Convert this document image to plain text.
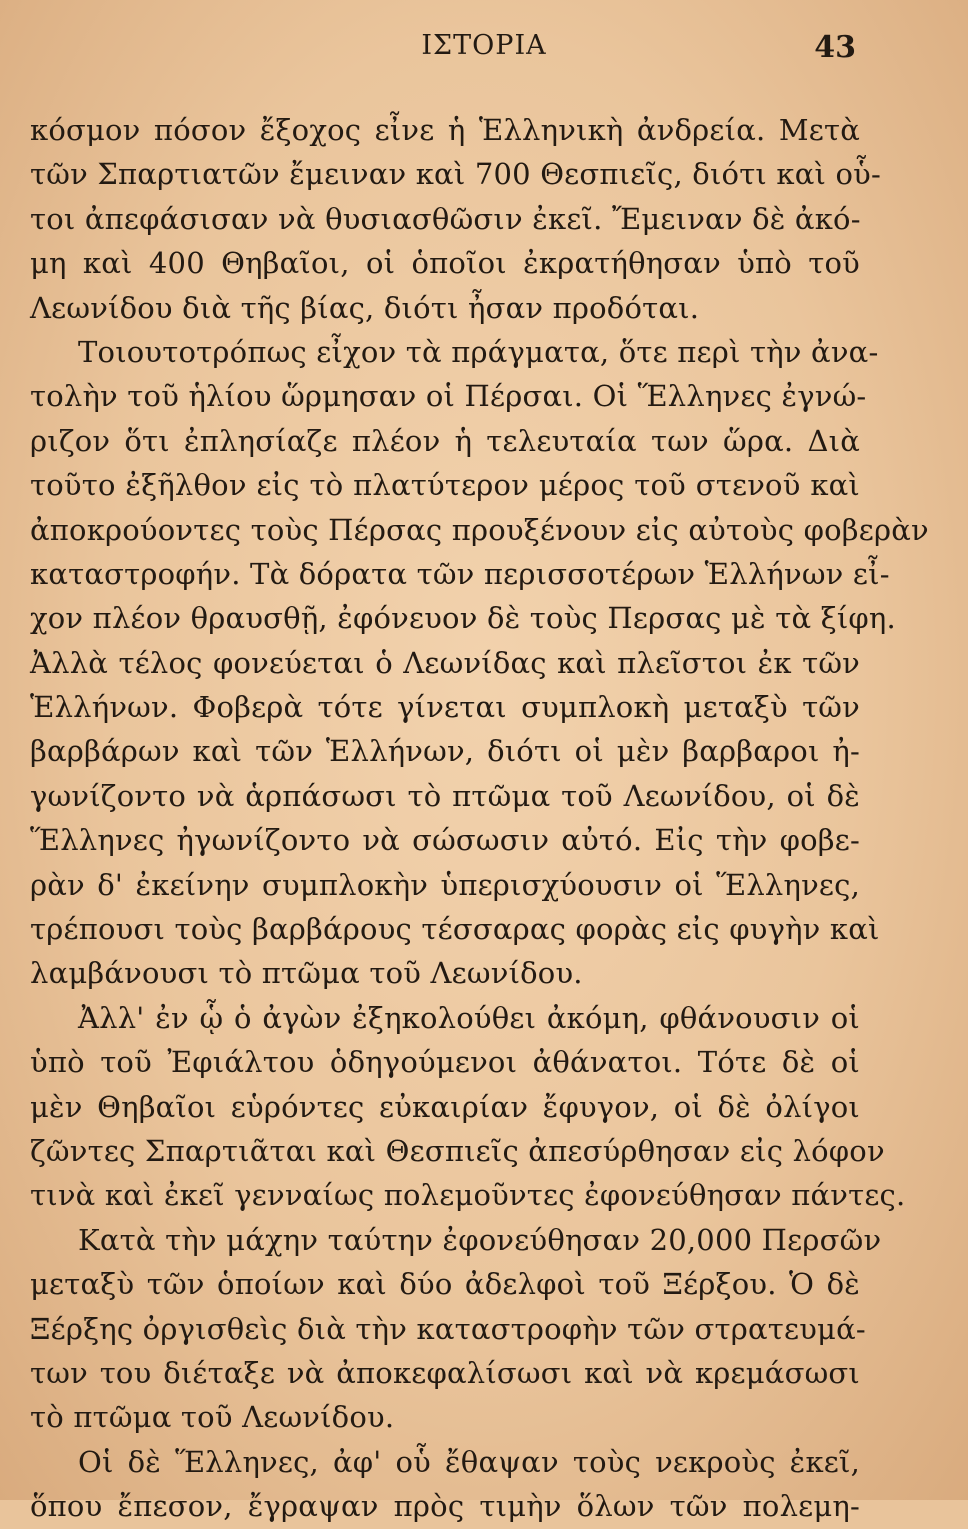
ΙΣΤΟΡΙΑ	43
κόσμον πόσον ἔξοχος εἶνε ἡ Ἑλληνικὴ ἀνδρεία. Μετὰ
τῶν Σπαρτιατῶν ἔμειναν καὶ 700 Θεσπιεῖς, διότι καὶ οὗ-
τοι ἀπεφάσισαν νὰ θυσιασθῶσιν ἐκεῖ. Ἔμειναν δὲ ἀκό-
μη καὶ 400 Θηβαῖοι, οἱ ὁποῖοι ἐκρατήθησαν ὑπὸ τοῦ
Λεωνίδου διὰ τῆς βίας, διότι ἦσαν προδόται.
Τοιουτοτρόπως εἶχον τὰ πράγματα, ὅτε περὶ τὴν ἀνα-
τολὴν τοῦ ἡλίου ὥρμησαν οἱ Πέρσαι. Οἱ Ἕλληνες ἐγνώ-
ριζον ὅτι ἐπλησίαζε πλέον ἡ τελευταία των ὥρα. Διὰ
τοῦτο ἐξῆλθον εἰς τὸ πλατύτερον μέρος τοῦ στενοῦ καὶ
ἀποκρούοντες τοὺς Πέρσας προυξένουν εἰς αὐτοὺς φοβερὰν
καταστροφήν. Τὰ δόρατα τῶν περισσοτέρων Ἑλλήνων εἶ-
χον πλέον θραυσθῇ, ἐφόνευον δὲ τοὺς Περσας μὲ τὰ ξίφη.
Ἀλλὰ τέλος φονεύεται ὁ Λεωνίδας καὶ πλεῖστοι ἐκ τῶν
Ἑλλήνων. Φοβερὰ τότε γίνεται συμπλοκὴ μεταξὺ τῶν
βαρβάρων καὶ τῶν Ἑλλήνων, διότι οἱ μὲν βαρβαροι ἠ-
γωνίζοντο νὰ ἁρπάσωσι τὸ πτῶμα τοῦ Λεωνίδου, οἱ δὲ
Ἕλληνες ἠγωνίζοντο νὰ σώσωσιν αὐτό. Εἰς τὴν φοβε-
ρὰν δ' ἐκείνην συμπλοκὴν ὑπερισχύουσιν οἱ Ἕλληνες,
τρέπουσι τοὺς βαρβάρους τέσσαρας φορὰς εἰς φυγὴν καὶ
λαμβάνουσι τὸ πτῶμα τοῦ Λεωνίδου.
Ἀλλ' ἐν ᾧ ὁ ἀγὼν ἐξηκολούθει ἀκόμη, φθάνουσιν οἱ
ὑπὸ τοῦ Ἐφιάλτου ὁδηγούμενοι ἀθάνατοι. Τότε δὲ οἱ
μὲν Θηβαῖοι εὑρόντες εὐκαιρίαν ἔφυγον, οἱ δὲ ὀλίγοι
ζῶντες Σπαρτιᾶται καὶ Θεσπιεῖς ἀπεσύρθησαν εἰς λόφον
τινὰ καὶ ἐκεῖ γενναίως πολεμοῦντες ἐφονεύθησαν πάντες.
Κατὰ τὴν μάχην ταύτην ἐφονεύθησαν 20,000 Περσῶν
μεταξὺ τῶν ὁποίων καὶ δύο ἀδελφοὶ τοῦ Ξέρξου. Ὁ δὲ
Ξέρξης ὀργισθεὶς διὰ τὴν καταστροφὴν τῶν στρατευμά-
των του διέταξε νὰ ἀποκεφαλίσωσι καὶ νὰ κρεμάσωσι
τὸ πτῶμα τοῦ Λεωνίδου.
Οἱ δὲ Ἕλληνες, ἀφ' οὗ ἔθαψαν τοὺς νεκροὺς ἐκεῖ,
ὅπου ἔπεσον, ἔγραψαν πρὸς τιμὴν ὅλων τῶν πολεμη-
